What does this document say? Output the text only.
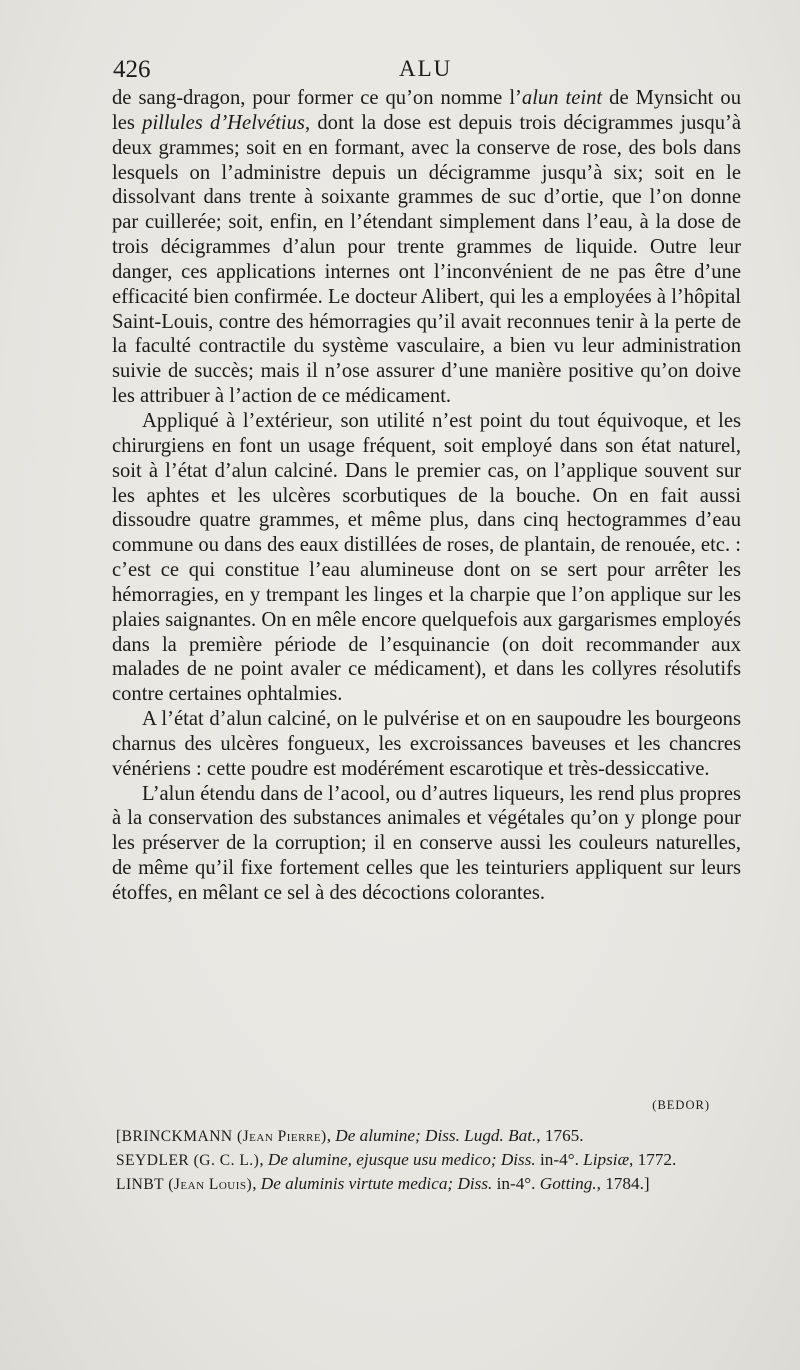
426	ALU

de sang-dragon, pour former ce qu’on nomme l’alun teint de Mynsicht ou les pillules d’Helvétius, dont la dose est depuis trois décigrammes jusqu’à deux grammes; soit en en formant, avec la conserve de rose, des bols dans lesquels on l’administre depuis un décigramme jusqu’à six; soit en le dissolvant dans trente à soixante grammes de suc d’ortie, que l’on donne par cuillerée; soit, enfin, en l’étendant simplement dans l’eau, à la dose de trois décigrammes d’alun pour trente grammes de liquide. Outre leur danger, ces applications internes ont l’inconvénient de ne pas être d’une efficacité bien confirmée. Le docteur Alibert, qui les a employées à l’hôpital Saint-Louis, contre des hémorragies qu’il avait reconnues tenir à la perte de la faculté contractile du système vasculaire, a bien vu leur administration suivie de succès; mais il n’ose assurer d’une manière positive qu’on doive les attribuer à l’action de ce médicament.

Appliqué à l’extérieur, son utilité n’est point du tout équivoque, et les chirurgiens en font un usage fréquent, soit employé dans son état naturel, soit à l’état d’alun calciné. Dans le premier cas, on l’applique souvent sur les aphtes et les ulcères scorbutiques de la bouche. On en fait aussi dissoudre quatre grammes, et même plus, dans cinq hectogrammes d’eau commune ou dans des eaux distillées de roses, de plantain, de renouée, etc. : c’est ce qui constitue l’eau alumineuse dont on se sert pour arrêter les hémorragies, en y trempant les linges et la charpie que l’on applique sur les plaies saignantes. On en mêle encore quelquefois aux gargarismes employés dans la première période de l’esquinancie (on doit recommander aux malades de ne point avaler ce médicament), et dans les collyres résolutifs contre certaines ophtalmies.

A l’état d’alun calciné, on le pulvérise et on en saupoudre les bourgeons charnus des ulcères fongueux, les excroissances baveuses et les chancres vénériens : cette poudre est modérément escarotique et très-dessiccative.

L’alun étendu dans de l’acool, ou d’autres liqueurs, les rend plus propres à la conservation des substances animales et végétales qu’on y plonge pour les préserver de la corruption; il en conserve aussi les couleurs naturelles, de même qu’il fixe fortement celles que les teinturiers appliquent sur leurs étoffes, en mêlant ce sel à des décoctions colorantes.

(BEDOR)
[BRINCKMANN (Jean Pierre), De alumine; Diss. Lugd. Bat., 1765.
SEYDLER (G. C. L.), De alumine, ejusque usu medico; Diss. in-4°. Lipsiæ, 1772.
LINBT (Jean Louis), De aluminis virtute medica; Diss. in-4°. Gotting., 1784.]
